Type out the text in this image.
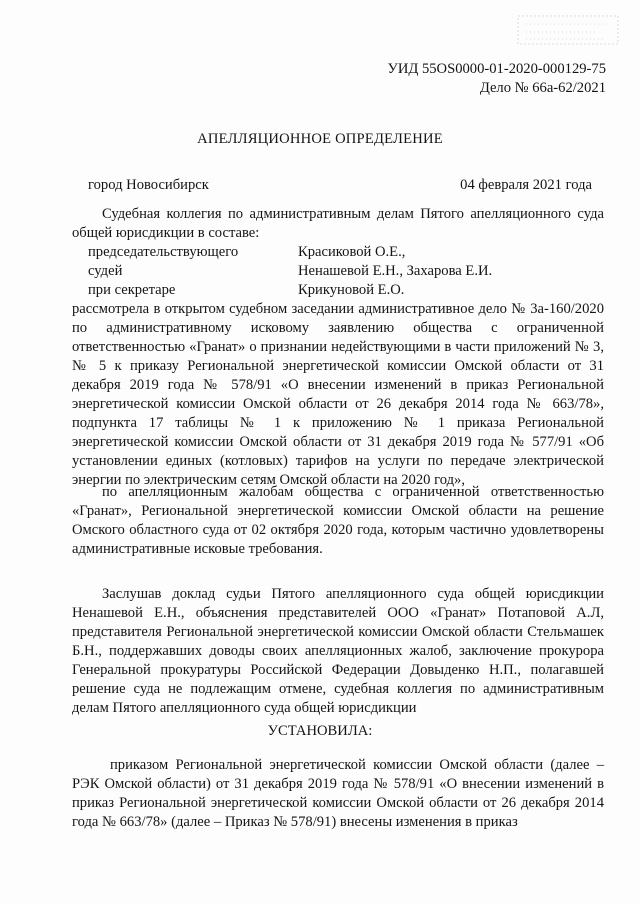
УИД 55OS0000-01-2020-000129-75
Дело № 66а-62/2021
АПЕЛЛЯЦИОННОЕ ОПРЕДЕЛЕНИЕ
город Новосибирск	04 февраля 2021 года

Судебная коллегия по административным делам Пятого апелляционного суда общей юрисдикции в составе:

председательствующего	Красиковой О.Е.,
судей	Ненашевой Е.Н., Захарова Е.И.
при секретаре	Крикуновой Е.О.

рассмотрела в открытом судебном заседании административное дело № 3а-160/2020 по административному исковому заявлению общества с ограниченной ответственностью «Гранат» о признании недействующими в части приложений № 3, № 5 к приказу Региональной энергетической комиссии Омской области от 31 декабря 2019 года № 578/91 «О внесении изменений в приказ Региональной энергетической комиссии Омской области от 26 декабря 2014 года № 663/78», подпункта 17 таблицы № 1 к приложению № 1 приказа Региональной энергетической комиссии Омской области от 31 декабря 2019 года № 577/91 «Об установлении единых (котловых) тарифов на услуги по передаче электрической энергии по электрическим сетям Омской области на 2020 год»,

по апелляционным жалобам общества с ограниченной ответственностью «Гранат», Региональной энергетической комиссии Омской области на решение Омского областного суда от 02 октября 2020 года, которым частично удовлетворены административные исковые требования.

Заслушав доклад судьи Пятого апелляционного суда общей юрисдикции Ненашевой Е.Н., объяснения представителей ООО «Гранат» Потаповой А.Л, представителя Региональной энергетической комиссии Омской области Стельмашек Б.Н., поддержавших доводы своих апелляционных жалоб, заключение прокурора Генеральной прокуратуры Российской Федерации Довыденко Н.П., полагавшей решение суда не подлежащим отмене, судебная коллегия по административным делам Пятого апелляционного суда общей юрисдикции

УСТАНОВИЛА:

приказом Региональной энергетической комиссии Омской области (далее – РЭК Омской области) от 31 декабря 2019 года № 578/91 «О внесении изменений в приказ Региональной энергетической комиссии Омской области от 26 декабря 2014 года № 663/78» (далее – Приказ № 578/91) внесены изменения в приказ
